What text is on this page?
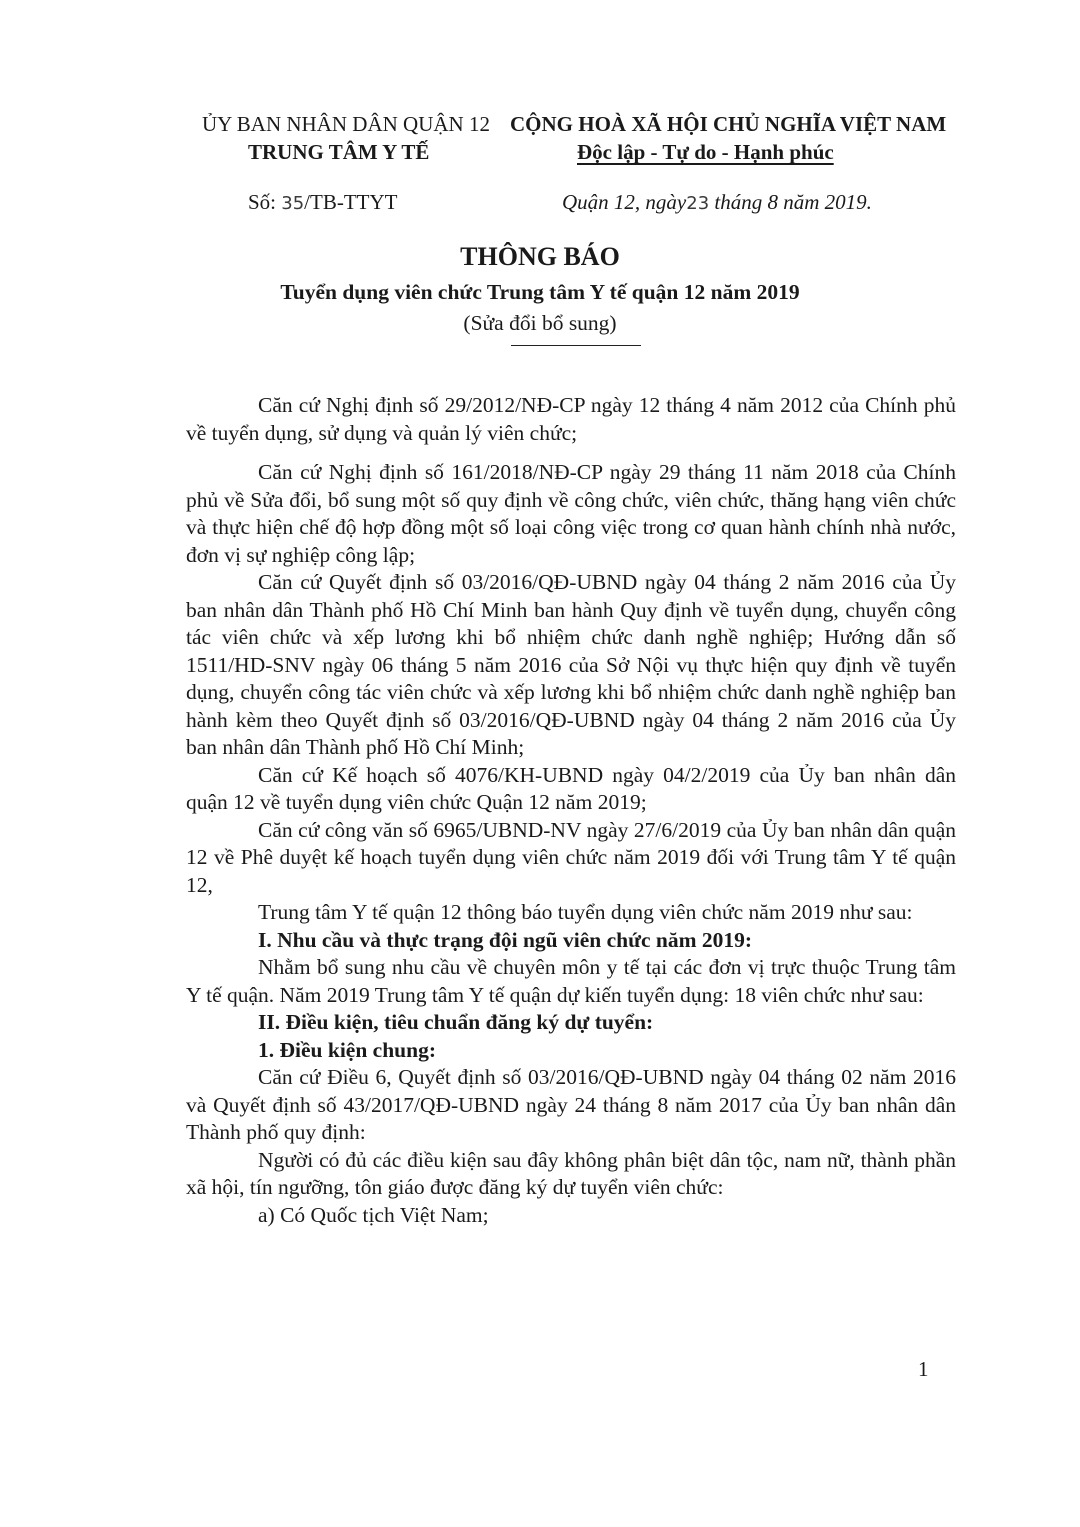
ỦY BAN NHÂN DÂN QUẬN 12
TRUNG TÂM Y TẾ
CỘNG HOÀ XÃ HỘI CHỦ NGHĨA VIỆT NAM
Độc lập - Tự do - Hạnh phúc
Số: 35/TB-TTYT	Quận 12, ngày23 tháng 8 năm 2019.
THÔNG BÁO
Tuyển dụng viên chức Trung tâm Y tế quận 12 năm 2019
(Sửa đổi bổ sung)

Căn cứ Nghị định số 29/2012/NĐ-CP ngày 12 tháng 4 năm 2012 của Chính phủ về tuyển dụng, sử dụng và quản lý viên chức;

Căn cứ Nghị định số 161/2018/NĐ-CP ngày 29 tháng 11 năm 2018 của Chính phủ về Sửa đổi, bổ sung một số quy định về công chức, viên chức, thăng hạng viên chức và thực hiện chế độ hợp đồng một số loại công việc trong cơ quan hành chính nhà nước, đơn vị sự nghiệp công lập;

Căn cứ Quyết định số 03/2016/QĐ-UBND ngày 04 tháng 2 năm 2016 của Ủy ban nhân dân Thành phố Hồ Chí Minh ban hành Quy định về tuyển dụng, chuyển công tác viên chức và xếp lương khi bổ nhiệm chức danh nghề nghiệp; Hướng dẫn số 1511/HD-SNV ngày 06 tháng 5 năm 2016 của Sở Nội vụ thực hiện quy định về tuyển dụng, chuyển công tác viên chức và xếp lương khi bổ nhiệm chức danh nghề nghiệp ban hành kèm theo Quyết định số 03/2016/QĐ-UBND ngày 04 tháng 2 năm 2016 của Ủy ban nhân dân Thành phố Hồ Chí Minh;

Căn cứ Kế hoạch số 4076/KH-UBND ngày 04/2/2019 của Ủy ban nhân dân quận 12 về tuyển dụng viên chức Quận 12 năm 2019;

Căn cứ công văn số 6965/UBND-NV ngày 27/6/2019 của Ủy ban nhân dân quận 12 về Phê duyệt kế hoạch tuyển dụng viên chức năm 2019 đối với Trung tâm Y tế quận 12,

Trung tâm Y tế quận 12 thông báo tuyển dụng viên chức năm 2019 như sau:

I. Nhu cầu và thực trạng đội ngũ viên chức năm 2019:

Nhằm bổ sung nhu cầu về chuyên môn y tế tại các đơn vị trực thuộc Trung tâm Y tế quận. Năm 2019 Trung tâm Y tế quận dự kiến tuyển dụng: 18 viên chức như sau:

II. Điều kiện, tiêu chuẩn đăng ký dự tuyển:

1. Điều kiện chung:

Căn cứ Điều 6, Quyết định số 03/2016/QĐ-UBND ngày 04 tháng 02 năm 2016 và Quyết định số 43/2017/QĐ-UBND ngày 24 tháng 8 năm 2017 của Ủy ban nhân dân Thành phố quy định:

Người có đủ các điều kiện sau đây không phân biệt dân tộc, nam nữ, thành phần xã hội, tín ngưỡng, tôn giáo được đăng ký dự tuyển viên chức:

a) Có Quốc tịch Việt Nam;

1
